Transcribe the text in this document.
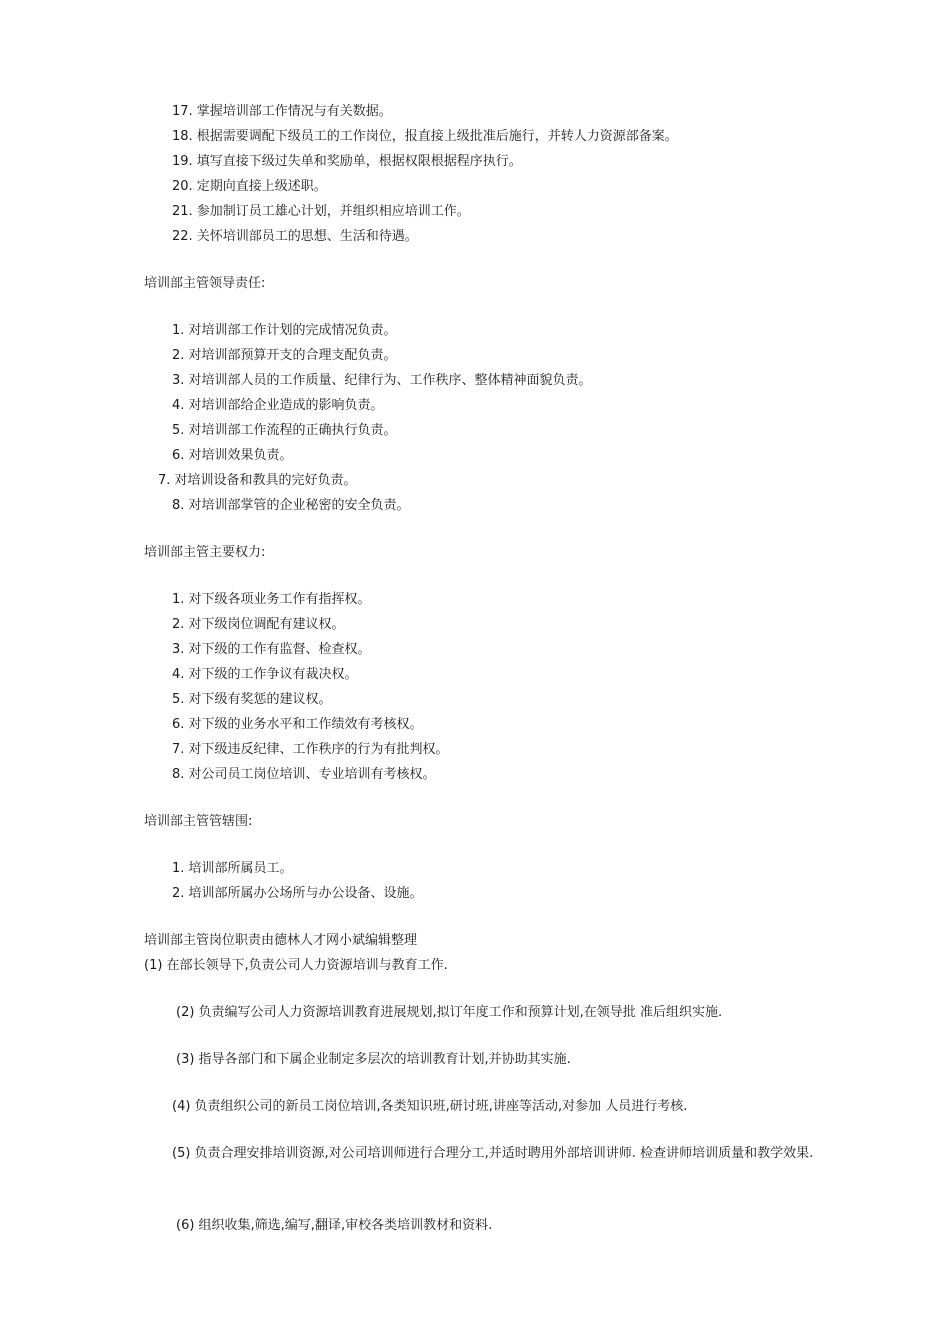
17. 掌握培训部工作情况与有关数据。
18. 根据需要调配下级员工的工作岗位，报直接上级批准后施行，并转人力资源部备案。
19. 填写直接下级过失单和奖励单，根据权限根据程序执行。
20. 定期向直接上级述职。
21. 参加制订员工雄心计划，并组织相应培训工作。
22. 关怀培训部员工的思想、生活和待遇。
培训部主管领导责任:
1. 对培训部工作计划的完成情况负责。
2. 对培训部预算开支的合理支配负责。
3. 对培训部人员的工作质量、纪律行为、工作秩序、整体精神面貌负责。
4. 对培训部给企业造成的影响负责。
5. 对培训部工作流程的正确执行负责。
6. 对培训效果负责。
7. 对培训设备和教具的完好负责。
8. 对培训部掌管的企业秘密的安全负责。
培训部主管主要权力:
1. 对下级各项业务工作有指挥权。
2. 对下级岗位调配有建议权。
3. 对下级的工作有监督、检查权。
4. 对下级的工作争议有裁决权。
5. 对下级有奖惩的建议权。
6. 对下级的业务水平和工作绩效有考核权。
7. 对下级违反纪律、工作秩序的行为有批判权。
8. 对公司员工岗位培训、专业培训有考核权。
培训部主管管辖围:
1. 培训部所属员工。
2. 培训部所属办公场所与办公设备、设施。
培训部主管岗位职责由德林人才网小斌编辑整理
(1) 在部长领导下,负责公司人力资源培训与教育工作.
(2) 负责编写公司人力资源培训教育进展规划,拟订年度工作和预算计划,在领导批 准后组织实施.
(3) 指导各部门和下属企业制定多层次的培训教育计划,并协助其实施.
(4) 负责组织公司的新员工岗位培训,各类知识班,研讨班,讲座等活动,对参加 人员进行考核.
(5) 负责合理安排培训资源,对公司培训师进行合理分工,并适时聘用外部培训讲师. 检查讲师培训质量和教学效果.
(6) 组织收集,筛选,编写,翻译,审校各类培训教材和资料.
